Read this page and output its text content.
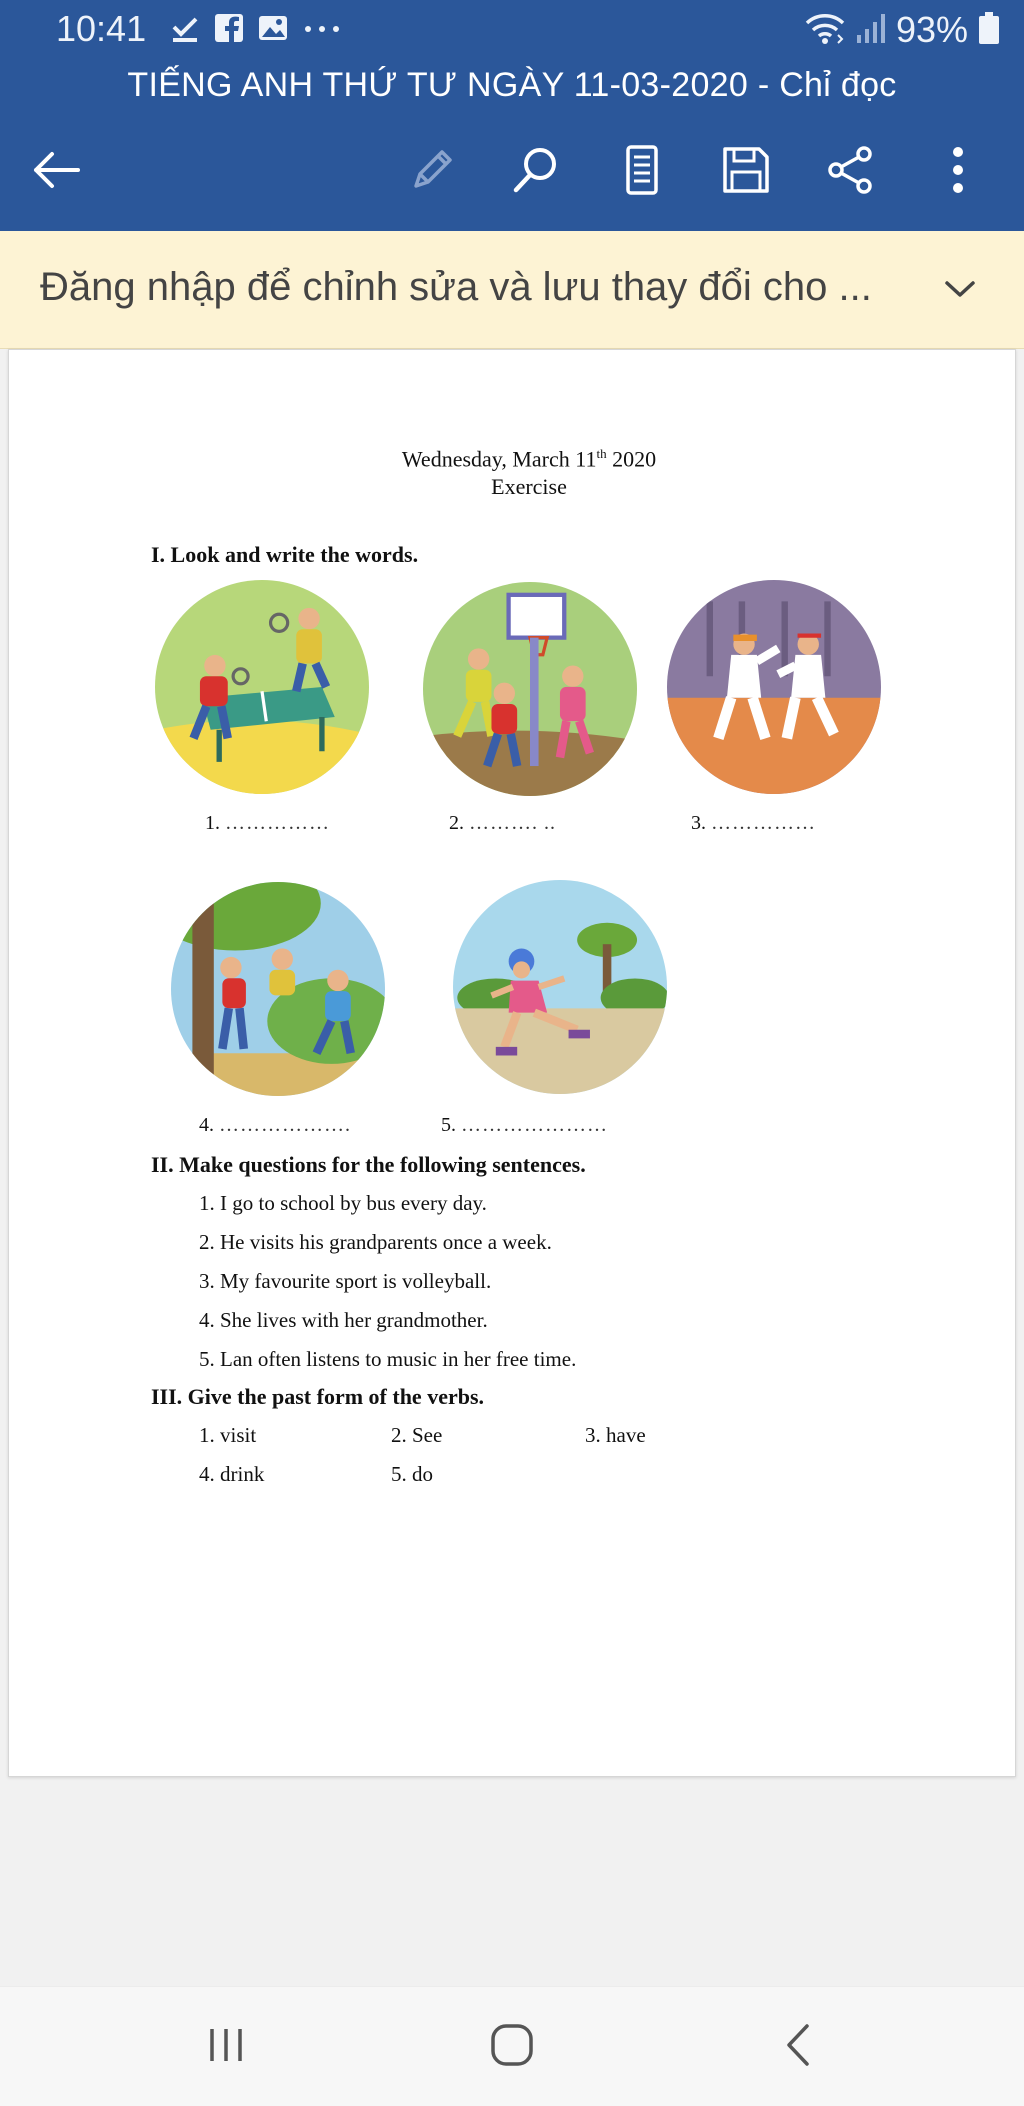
10:41	93%
TIẾNG ANH THỨ TƯ NGÀY 11-03-2020 - Chỉ đọc
Đăng nhập để chỉnh sửa và lưu thay đổi cho ...
Wednesday, March 11th 2020
Exercise
I. Look and write the words.
1. ……………	2. ………. ..	3. ……………
4. ……………….	5. …………………
II. Make questions for the following sentences.
1. I go to school by bus every day.
2. He visits his grandparents once a week.
3. My favourite sport is volleyball.
4. She lives with her grandmother.
5. Lan often listens to music in her free time.
III. Give the past form of the verbs.
1. visit	2. See	3. have
4. drink	5. do
